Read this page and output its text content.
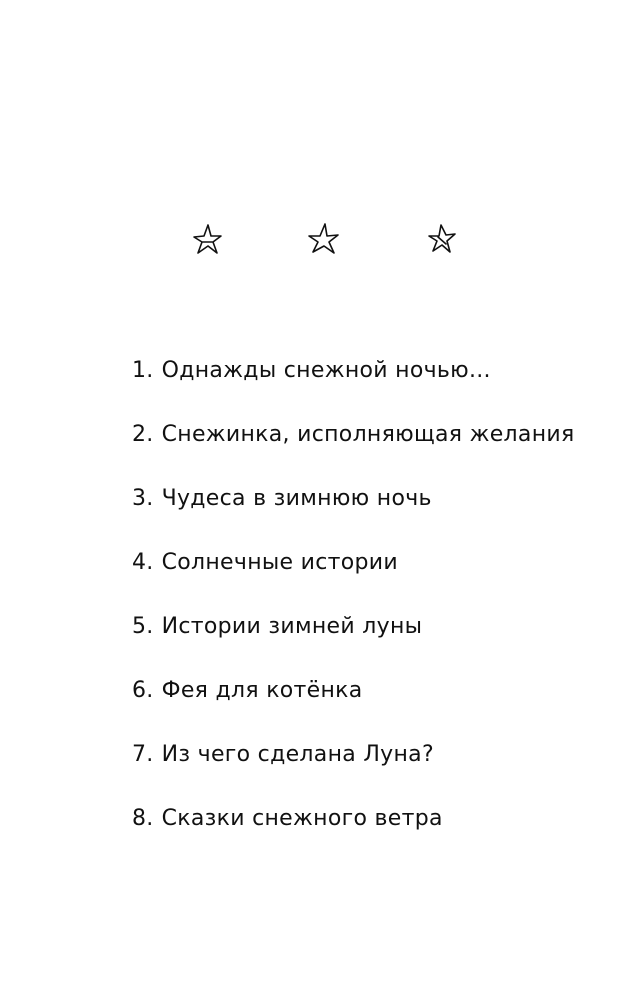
1. Однажды снежной ночью...
2. Снежинка, исполняющая желания
3. Чудеса в зимнюю ночь
4. Солнечные истории
5. Истории зимней луны
6. Фея для котёнка
7. Из чего сделана Луна?
8. Сказки снежного ветра
